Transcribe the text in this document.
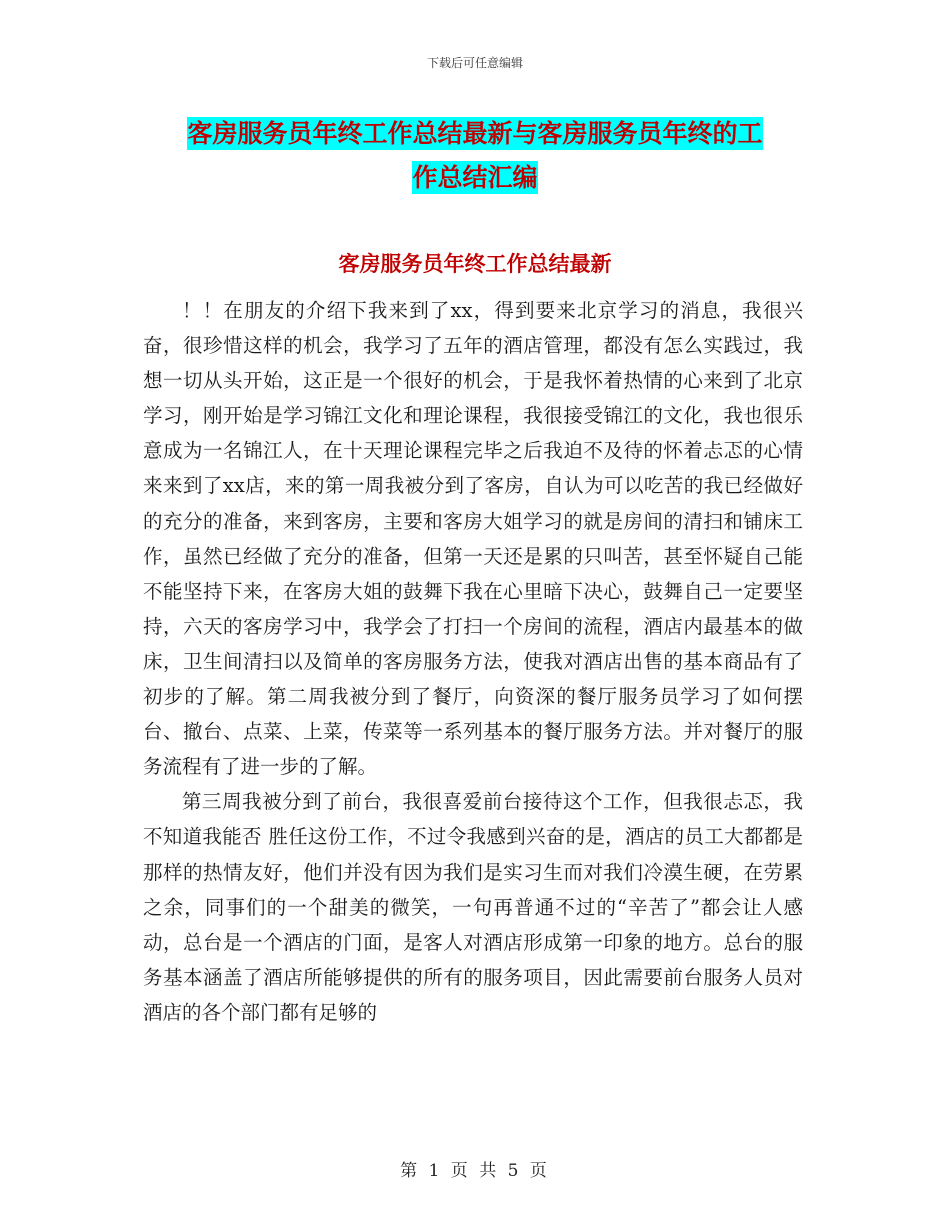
下载后可任意编辑
客房服务员年终工作总结最新与客房服务员年终的工
作总结汇编
客房服务员年终工作总结最新

！！在朋友的介绍下我来到了xx，得到要来北京学习的消息，我很兴奋，很珍惜这样的机会，我学习了五年的酒店管理，都没有怎么实践过，我想一切从头开始，这正是一个很好的机会，于是我怀着热情的心来到了北京学习，刚开始是学习锦江文化和理论课程，我很接受锦江的文化，我也很乐意成为一名锦江人，在十天理论课程完毕之后我迫不及待的怀着忐忑的心情来来到了xx店，来的第一周我被分到了客房，自认为可以吃苦的我已经做好的充分的准备，来到客房，主要和客房大姐学习的就是房间的清扫和铺床工作，虽然已经做了充分的准备，但第一天还是累的只叫苦，甚至怀疑自己能不能坚持下来，在客房大姐的鼓舞下我在心里暗下决心，鼓舞自己一定要坚持，六天的客房学习中，我学会了打扫一个房间的流程，酒店内最基本的做床，卫生间清扫以及简单的客房服务方法，使我对酒店出售的基本商品有了初步的了解。第二周我被分到了餐厅，向资深的餐厅服务员学习了如何摆台、撤台、点菜、上菜，传菜等一系列基本的餐厅服务方法。并对餐厅的服务流程有了进一步的了解。

第三周我被分到了前台，我很喜爱前台接待这个工作，但我很忐忑，我不知道我能否 胜任这份工作，不过令我感到兴奋的是，酒店的员工大都都是那样的热情友好，他们并没有因为我们是实习生而对我们冷漠生硬，在劳累之余，同事们的一个甜美的微笑，一句再普通不过的“辛苦了”都会让人感动，总台是一个酒店的门面，是客人对酒店形成第一印象的地方。总台的服务基本涵盖了酒店所能够提供的所有的服务项目，因此需要前台服务人员对酒店的各个部门都有足够的

第 1 页 共 5 页
